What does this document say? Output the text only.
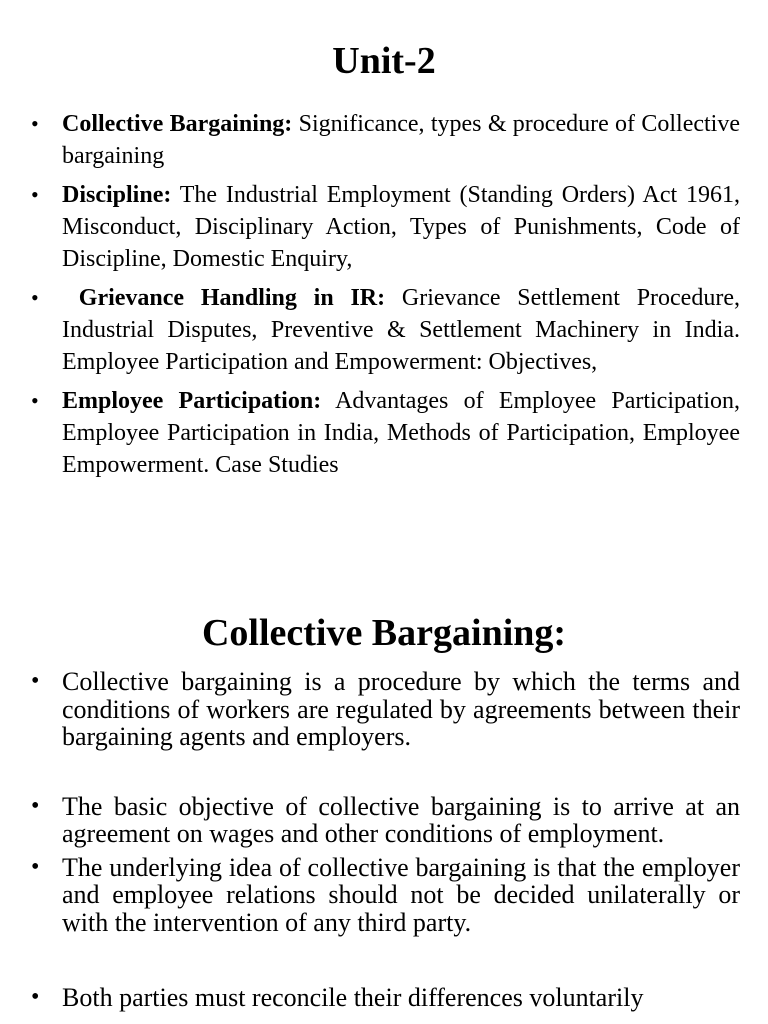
Unit-2
• Collective Bargaining: Significance, types & procedure of Collective bargaining
• Discipline: The Industrial Employment (Standing Orders) Act 1961, Misconduct, Disciplinary Action, Types of Punishments, Code of Discipline, Domestic Enquiry,
• Grievance Handling in IR: Grievance Settlement Procedure, Industrial Disputes, Preventive & Settlement Machinery in India. Employee Participation and Empowerment: Objectives,
• Employee Participation: Advantages of Employee Participation, Employee Participation in India, Methods of Participation, Employee Empowerment. Case Studies
Collective Bargaining:
• Collective bargaining is a procedure by which the terms and conditions of workers are regulated by agreements between their bargaining agents and employers.
• The basic objective of collective bargaining is to arrive at an agreement on wages and other conditions of employment.
• The underlying idea of collective bargaining is that the employer and employee relations should not be decided unilaterally or with the intervention of any third party.
• Both parties must reconcile their differences voluntarily
